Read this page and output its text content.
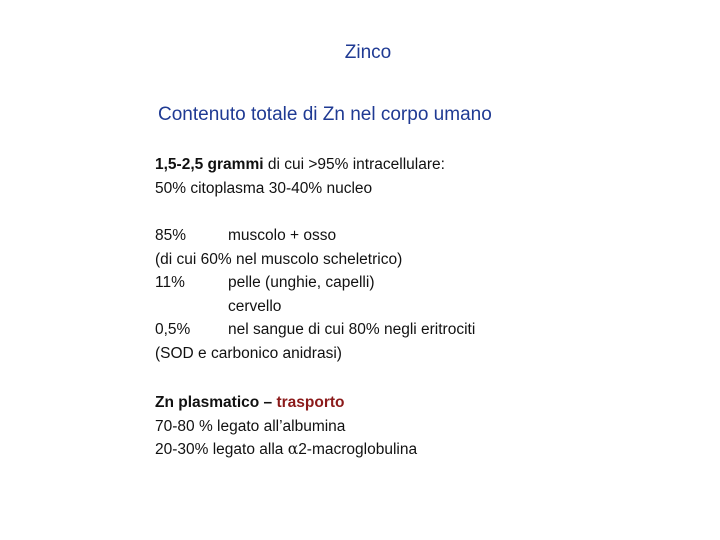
Zinco
Contenuto totale di Zn nel corpo umano
1,5-2,5 grammi di cui >95% intracellulare:
50% citoplasma 30-40% nucleo
85%	muscolo + osso
(di cui 60% nel muscolo scheletrico)
11%	pelle (unghie, capelli)
cervello
0,5% nel sangue di cui 80% negli eritrociti
(SOD e carbonico anidrasi)
Zn plasmatico – trasporto
70-80 % legato all’albumina
20-30% legato alla α2-macroglobulina
